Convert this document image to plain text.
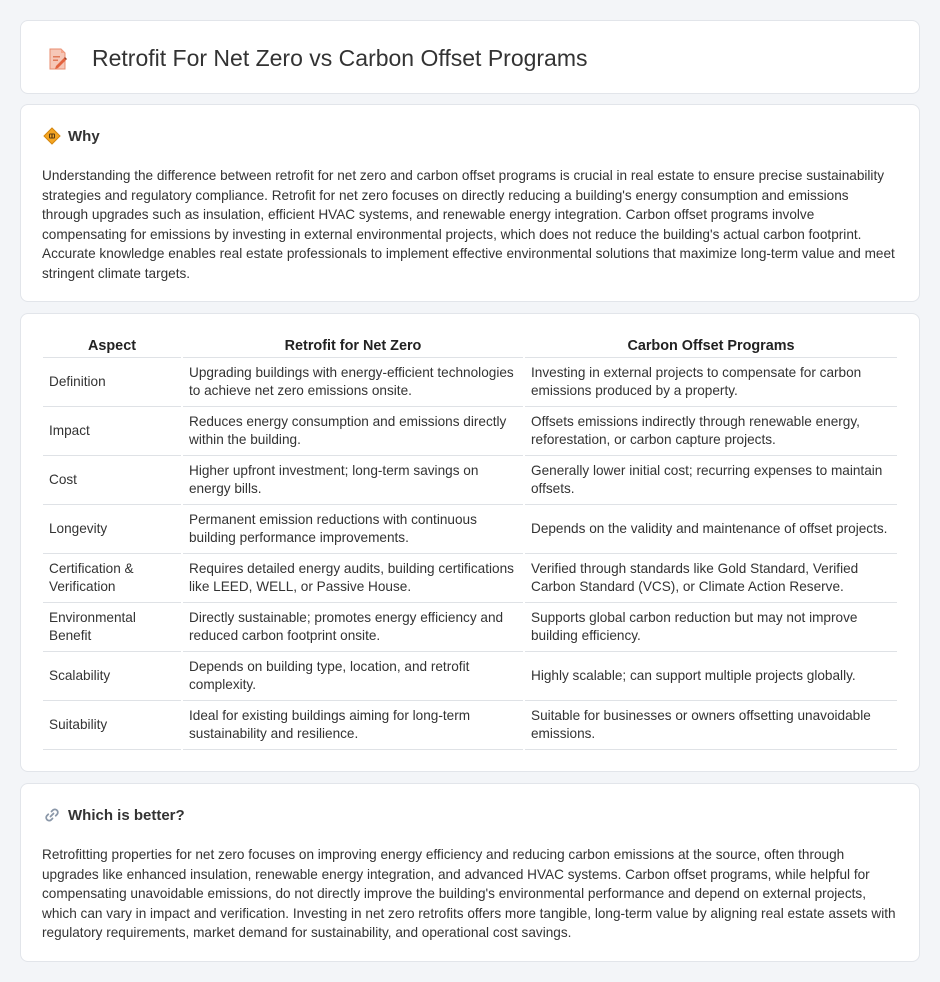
Retrofit For Net Zero vs Carbon Offset Programs
Why

Understanding the difference between retrofit for net zero and carbon offset programs is crucial in real estate to ensure precise sustainability strategies and regulatory compliance. Retrofit for net zero focuses on directly reducing a building's energy consumption and emissions through upgrades such as insulation, efficient HVAC systems, and renewable energy integration. Carbon offset programs involve compensating for emissions by investing in external environmental projects, which does not reduce the building's actual carbon footprint. Accurate knowledge enables real estate professionals to implement effective environmental solutions that maximize long-term value and meet stringent climate targets.

Aspect	Retrofit for Net Zero	Carbon Offset Programs
Definition	Upgrading buildings with energy-efficient technologies to achieve net zero emissions onsite.	Investing in external projects to compensate for carbon emissions produced by a property.
Impact	Reduces energy consumption and emissions directly within the building.	Offsets emissions indirectly through renewable energy, reforestation, or carbon capture projects.
Cost	Higher upfront investment; long-term savings on energy bills.	Generally lower initial cost; recurring expenses to maintain offsets.
Longevity	Permanent emission reductions with continuous building performance improvements.	Depends on the validity and maintenance of offset projects.
Certification & Verification	Requires detailed energy audits, building certifications like LEED, WELL, or Passive House.	Verified through standards like Gold Standard, Verified Carbon Standard (VCS), or Climate Action Reserve.
Environmental Benefit	Directly sustainable; promotes energy efficiency and reduced carbon footprint onsite.	Supports global carbon reduction but may not improve building efficiency.
Scalability	Depends on building type, location, and retrofit complexity.	Highly scalable; can support multiple projects globally.
Suitability	Ideal for existing buildings aiming for long-term sustainability and resilience.	Suitable for businesses or owners offsetting unavoidable emissions.
Which is better?

Retrofitting properties for net zero focuses on improving energy efficiency and reducing carbon emissions at the source, often through upgrades like enhanced insulation, renewable energy integration, and advanced HVAC systems. Carbon offset programs, while helpful for compensating unavoidable emissions, do not directly improve the building's environmental performance and depend on external projects, which can vary in impact and verification. Investing in net zero retrofits offers more tangible, long-term value by aligning real estate assets with regulatory requirements, market demand for sustainability, and operational cost savings.
